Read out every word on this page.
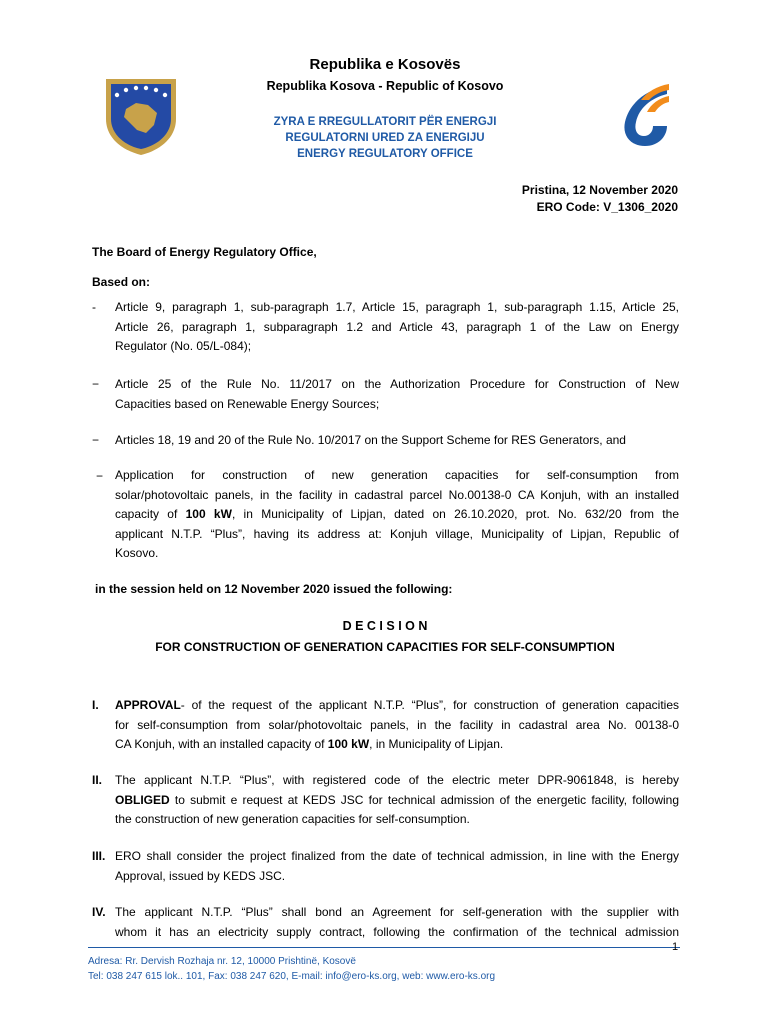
Republika e Kosovës
Republika Kosova - Republic of Kosovo
ZYRA E RREGULLATORIT PËR ENERGJI
REGULATORNI URED ZA ENERGIJU
ENERGY REGULATORY OFFICE
Pristina, 12 November 2020
ERO Code: V_1306_2020
The Board of Energy Regulatory Office,
Based on:
- Article 9, paragraph 1, sub-paragraph 1.7, Article 15, paragraph 1, sub-paragraph 1.15, Article 25,
Article 26, paragraph 1, subparagraph 1.2 and Article 43, paragraph 1 of the Law on Energy
Regulator (No. 05/L-084);
− Article 25 of the Rule No. 11/2017 on the Authorization Procedure for Construction of New
Capacities based on Renewable Energy Sources;
− Articles 18, 19 and 20 of the Rule No. 10/2017 on the Support Scheme for RES Generators, and
− Application for construction of new generation capacities for self-consumption from
solar/photovoltaic panels, in the facility in cadastral parcel No.00138-0 CA Konjuh, with an installed
capacity of 100 kW, in Municipality of Lipjan, dated on 26.10.2020, prot. No. 632/20 from the
applicant N.T.P. “Plus”, having its address at: Konjuh village, Municipality of Lipjan, Republic of
Kosovo.
in the session held on 12 November 2020 issued the following:
D E C I S I O N
FOR CONSTRUCTION OF GENERATION CAPACITIES FOR SELF-CONSUMPTION
I. APPROVAL- of the request of the applicant N.T.P. “Plus”, for construction of generation capacities
for self-consumption from solar/photovoltaic panels, in the facility in cadastral area No. 00138-0
CA Konjuh, with an installed capacity of 100 kW, in Municipality of Lipjan.
II. The applicant N.T.P. “Plus”, with registered code of the electric meter DPR-9061848, is hereby
OBLIGED to submit e request at KEDS JSC for technical admission of the energetic facility, following
the construction of new generation capacities for self-consumption.
III. ERO shall consider the project finalized from the date of technical admission, in line with the Energy
Approval, issued by KEDS JSC.
IV. The applicant N.T.P. “Plus” shall bond an Agreement for self-generation with the supplier with
whom it has an electricity supply contract, following the confirmation of the technical admission
1
Adresa: Rr. Dervish Rozhaja nr. 12, 10000 Prishtinë, Kosovë
Tel: 038 247 615 lok.. 101, Fax: 038 247 620, E-mail: info@ero-ks.org, web: www.ero-ks.org
